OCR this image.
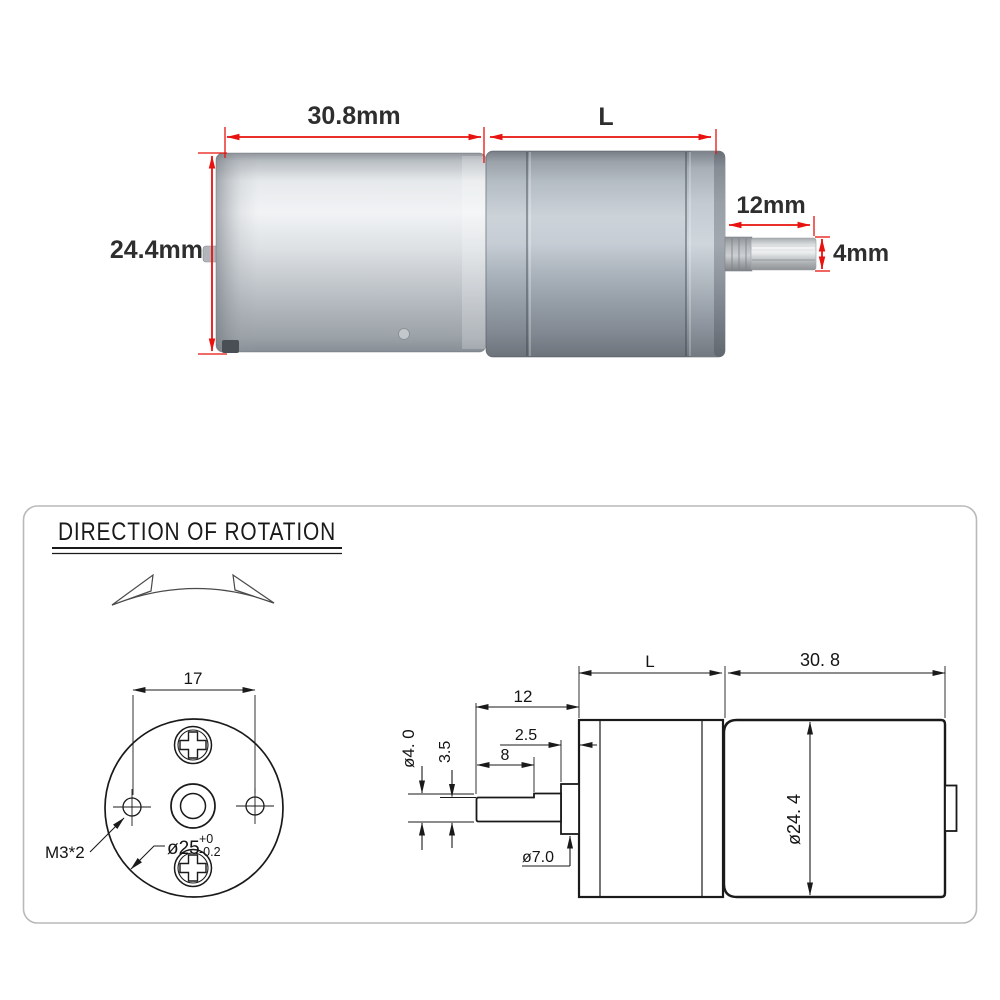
30.8mm	L
12mm
4mm
24.4mm
DIRECTION OF ROTATION
17
M3*2	ø25 +0
-0.2
12
2.5
8
ø4. 0 3.5
ø7.0
L	30. 8
ø24. 4
